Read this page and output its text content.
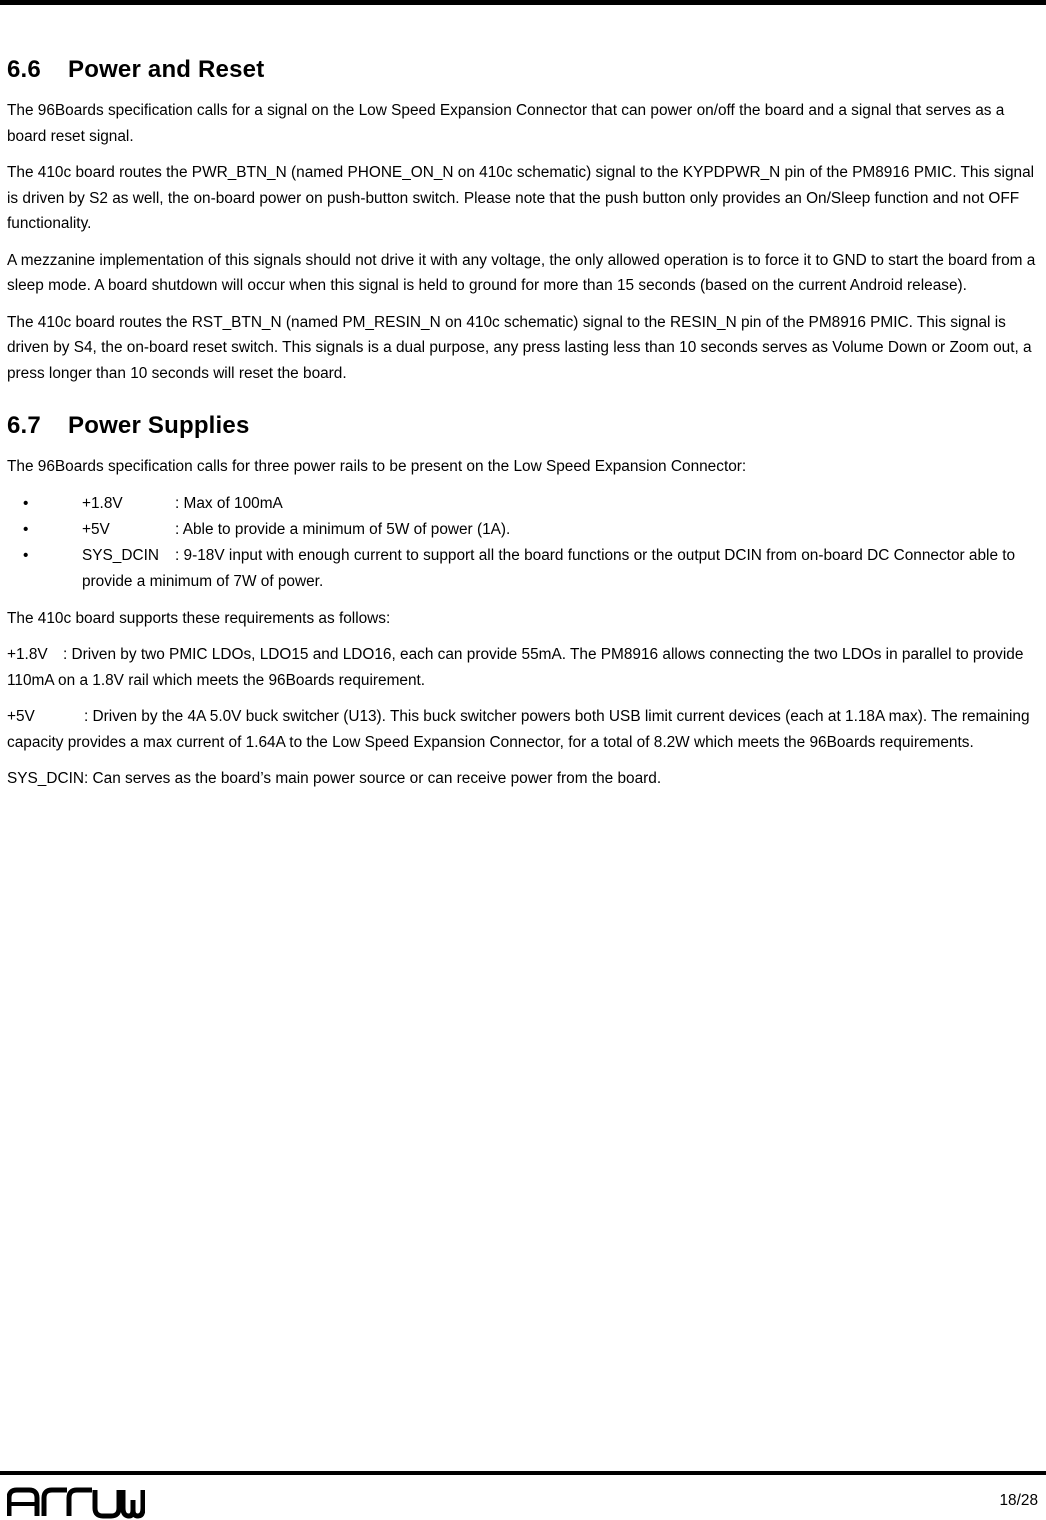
6.6 Power and Reset

The 96Boards specification calls for a signal on the Low Speed Expansion Connector that can power on/off the board and a signal that serves as a board reset signal.

The 410c board routes the PWR_BTN_N (named PHONE_ON_N on 410c schematic) signal to the KYPDPWR_N pin of the PM8916 PMIC. This signal is driven by S2 as well, the on-board power on push-button switch. Please note that the push button only provides an On/Sleep function and not OFF functionality.

A mezzanine implementation of this signals should not drive it with any voltage, the only allowed operation is to force it to GND to start the board from a sleep mode. A board shutdown will occur when this signal is held to ground for more than 15 seconds (based on the current Android release).

The 410c board routes the RST_BTN_N (named PM_RESIN_N on 410c schematic) signal to the RESIN_N pin of the PM8916 PMIC. This signal is driven by S4, the on-board reset switch. This signals is a dual purpose, any press lasting less than 10 seconds serves as Volume Down or Zoom out, a press longer than 10 seconds will reset the board.

6.7 Power Supplies

The 96Boards specification calls for three power rails to be present on the Low Speed Expansion Connector:

•	+1.8V	: Max of 100mA
•	+5V	: Able to provide a minimum of 5W of power (1A).
•	SYS_DCIN : 9-18V input with enough current to support all the board functions or the output DCIN from on-board DC Connector able to provide a minimum of 7W of power.

The 410c board supports these requirements as follows:

+1.8V : Driven by two PMIC LDOs, LDO15 and LDO16, each can provide 55mA. The PM8916 allows connecting the two LDOs in parallel to provide 110mA on a 1.8V rail which meets the 96Boards requirement.

+5V	: Driven by the 4A 5.0V buck switcher (U13). This buck switcher powers both USB limit current devices (each at 1.18A max). The remaining capacity provides a max current of 1.64A to the Low Speed Expansion Connector, for a total of 8.2W which meets the 96Boards requirements.

SYS_DCIN: Can serves as the board’s main power source or can receive power from the board.

18/28
